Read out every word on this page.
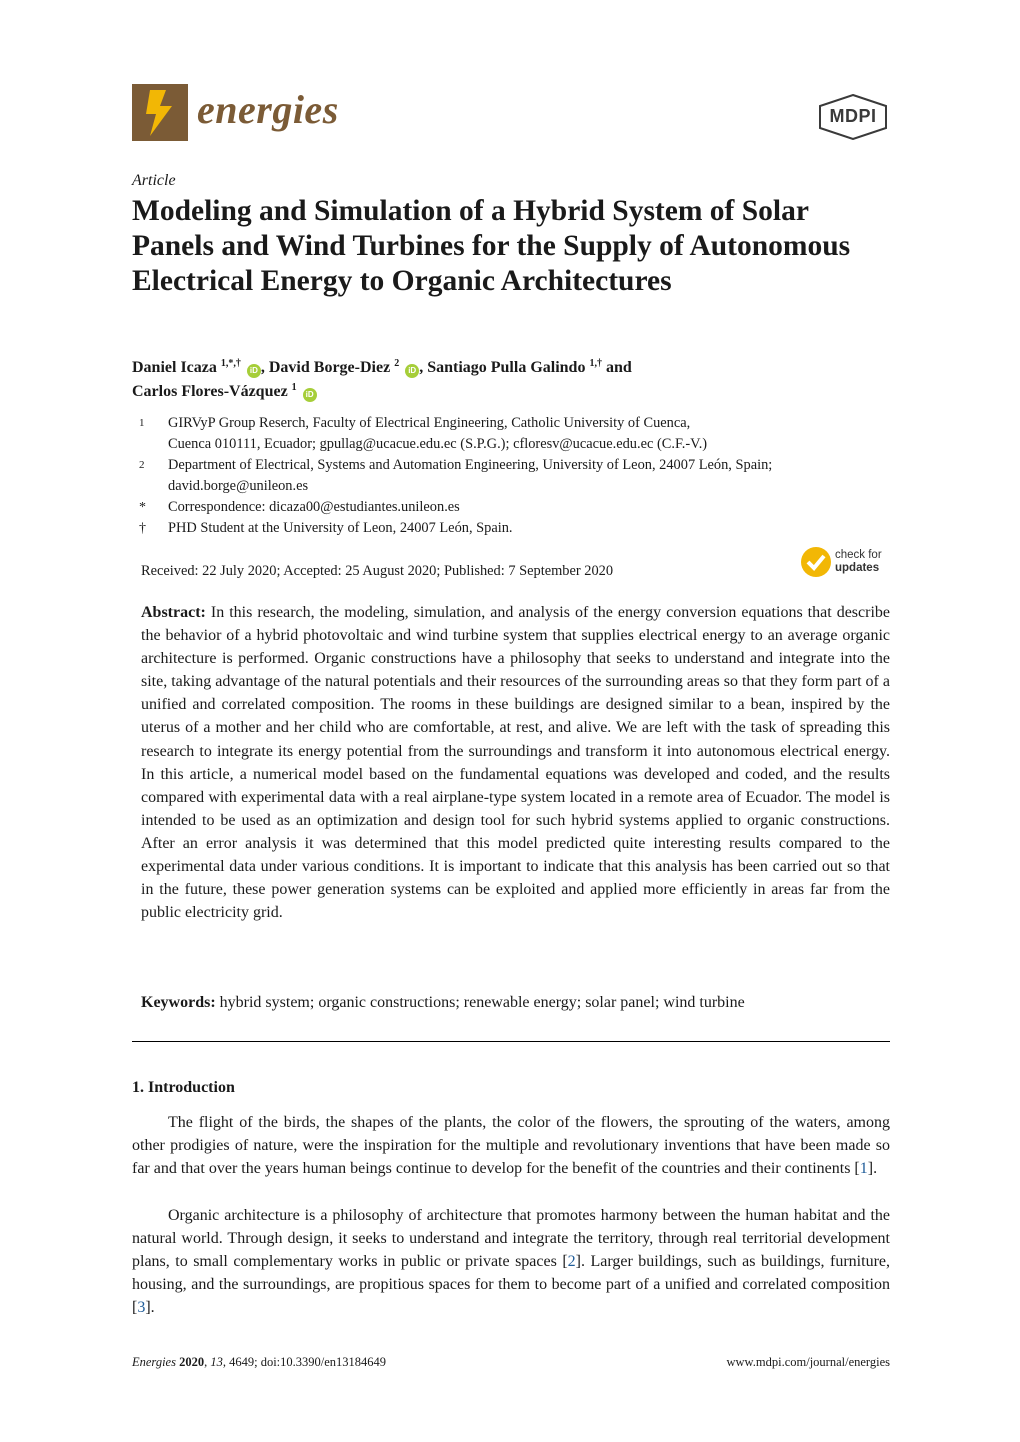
energies	MDPI
Article
Modeling and Simulation of a Hybrid System of Solar Panels and Wind Turbines for the Supply of Autonomous Electrical Energy to Organic Architectures
Daniel Icaza $^{1,*,\dagger}$ iD , David Borge-Diez $^2$ iD , Santiago Pulla Galindo $^{1,\dagger}$ and
Carlos Flores-Vázquez $^1$ iD
1	GIRVyP Group Reserch, Faculty of Electrical Engineering, Catholic University of Cuenca,
Cuenca 010111, Ecuador; gpullag@ucacue.edu.ec (S.P.G.); cfloresv@ucacue.edu.ec (C.F.-V.)
2	Department of Electrical, Systems and Automation Engineering, University of Leon, 24007 León, Spain;
david.borge@unileon.es
*	Correspondence: dicaza00@estudiantes.unileon.es
†	PHD Student at the University of Leon, 24007 León, Spain.
Received: 22 July 2020; Accepted: 25 August 2020; Published: 7 September 2020
check for
updates
Abstract: In this research, the modeling, simulation, and analysis of the energy conversion equations that describe the behavior of a hybrid photovoltaic and wind turbine system that supplies electrical energy to an average organic architecture is performed. Organic constructions have a philosophy that seeks to understand and integrate into the site, taking advantage of the natural potentials and their resources of the surrounding areas so that they form part of a unified and correlated composition. The rooms in these buildings are designed similar to a bean, inspired by the uterus of a mother and her child who are comfortable, at rest, and alive. We are left with the task of spreading this research to integrate its energy potential from the surroundings and transform it into autonomous electrical energy. In this article, a numerical model based on the fundamental equations was developed and coded, and the results compared with experimental data with a real airplane-type system located in a remote area of Ecuador. The model is intended to be used as an optimization and design tool for such hybrid systems applied to organic constructions. After an error analysis it was determined that this model predicted quite interesting results compared to the experimental data under various conditions. It is important to indicate that this analysis has been carried out so that in the future, these power generation systems can be exploited and applied more efficiently in areas far from the public electricity grid.
Keywords: hybrid system; organic constructions; renewable energy; solar panel; wind turbine
1. Introduction
The flight of the birds, the shapes of the plants, the color of the flowers, the sprouting of the waters, among other prodigies of nature, were the inspiration for the multiple and revolutionary inventions that have been made so far and that over the years human beings continue to develop for the benefit of the countries and their continents [1].
Organic architecture is a philosophy of architecture that promotes harmony between the human habitat and the natural world. Through design, it seeks to understand and integrate the territory, through real territorial development plans, to small complementary works in public or private spaces [2]. Larger buildings, such as buildings, furniture, housing, and the surroundings, are propitious spaces for them to become part of a unified and correlated composition [3].
Energies 2020, 13, 4649; doi:10.3390/en13184649	www.mdpi.com/journal/energies
